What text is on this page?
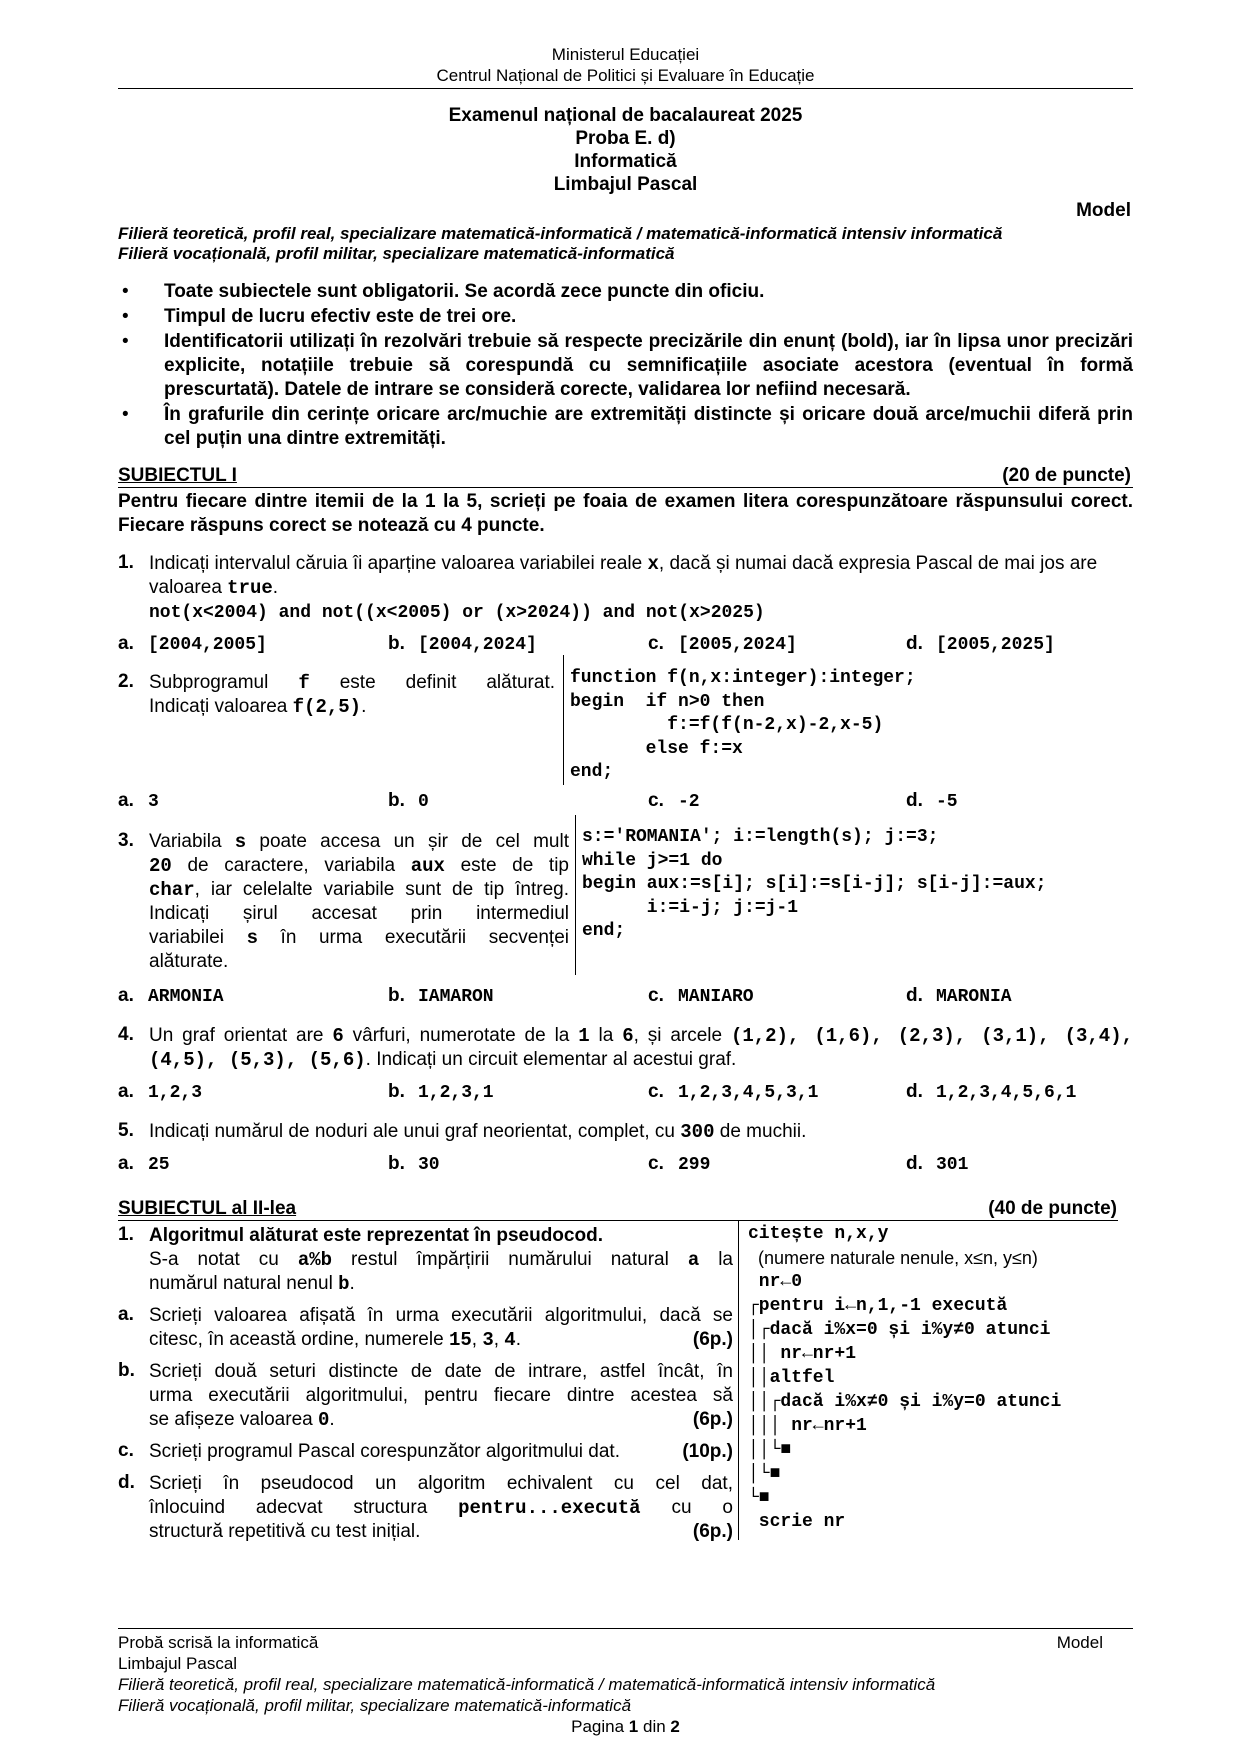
Ministerul Educației
Centrul Național de Politici și Evaluare în Educație
Examenul național de bacalaureat 2025
Proba E. d)
Informatică
Limbajul Pascal
Model
Filieră teoretică, profil real, specializare matematică-informatică / matematică-informatică intensiv informatică
Filieră vocațională, profil militar, specializare matematică-informatică
• Toate subiectele sunt obligatorii. Se acordă zece puncte din oficiu.
• Timpul de lucru efectiv este de trei ore.
• Identificatorii utilizați în rezolvări trebuie să respecte precizările din enunț (bold), iar în lipsa unor precizări explicite, notațiile trebuie să corespundă cu semnificațiile asociate acestora (eventual în formă prescurtată). Datele de intrare se consideră corecte, validarea lor nefiind necesară.
• În grafurile din cerințe oricare arc/muchie are extremități distincte și oricare două arce/muchii diferă prin cel puțin una dintre extremități.
SUBIECTUL I	(20 de puncte)
Pentru fiecare dintre itemii de la 1 la 5, scrieți pe foaia de examen litera corespunzătoare răspunsului corect. Fiecare răspuns corect se notează cu 4 puncte.
1. Indicați intervalul căruia îi aparține valoarea variabilei reale x, dacă și numai dacă expresia Pascal de mai jos are valoarea true.
not(x<2004) and not((x<2005) or (x>2024)) and not(x>2025)
a. [2004,2005]	b. [2004,2024]	c. [2005,2024]	d. [2005,2025]
2. Subprogramul f este definit alăturat.
Indicați valoarea f(2,5).
function f(n,x:integer):integer;
begin  if n>0 then
f:=f(f(n-2,x)-2,x-5)
else f:=x
end;
a. 3	b. 0	c. -2	d. -5
3. Variabila s poate accesa un șir de cel mult
20 de caractere, variabila aux este de tip
char, iar celelalte variabile sunt de tip întreg.
Indicați șirul accesat prin intermediul
variabilei s în urma executării secvenței
alăturate.
s:='ROMANIA'; i:=length(s); j:=3;
while j>=1 do
begin aux:=s[i]; s[i]:=s[i-j]; s[i-j]:=aux;
i:=i-j; j:=j-1
end;
a. ARMONIA	b. IAMARON	c. MANIARO	d. MARONIA
4. Un graf orientat are 6 vârfuri, numerotate de la 1 la 6, și arcele (1,2), (1,6), (2,3), (3,1), (3,4),
(4,5), (5,3), (5,6). Indicați un circuit elementar al acestui graf.
a. 1,2,3	b. 1,2,3,1	c. 1,2,3,4,5,3,1	d. 1,2,3,4,5,6,1
5. Indicați numărul de noduri ale unui graf neorientat, complet, cu 300 de muchii.
a. 25	b. 30	c. 299	d. 301
SUBIECTUL al II-lea	(40 de puncte)
1. Algoritmul alăturat este reprezentat în pseudocod.
S-a notat cu a%b restul împărțirii numărului natural a la
numărul natural nenul b.
a. Scrieți valoarea afișată în urma executării algoritmului, dacă se
citesc, în această ordine, numerele 15, 3, 4.	(6p.)
b. Scrieți două seturi distincte de date de intrare, astfel încât, în
urma executării algoritmului, pentru fiecare dintre acestea să
se afișeze valoarea 0.	(6p.)
c. Scrieți programul Pascal corespunzător algoritmului dat.	(10p.)
d. Scrieți în pseudocod un algoritm echivalent cu cel dat,
înlocuind adecvat structura pentru...execută cu o
structură repetitivă cu test inițial.	(6p.)
citește n,x,y
(numere naturale nenule, x≤n, y≤n)
nr←0
┌pentru i←n,1,-1 execută
│┌dacă i%x=0 și i%y≠0 atunci
││ nr←nr+1
││altfel
││┌dacă i%x≠0 și i%y=0 atunci
│││ nr←nr+1
││└■
│└■
└■
scrie nr
Probă scrisă la informatică	Model
Limbajul Pascal
Filieră teoretică, profil real, specializare matematică-informatică / matematică-informatică intensiv informatică
Filieră vocațională, profil militar, specializare matematică-informatică
Pagina 1 din 2
